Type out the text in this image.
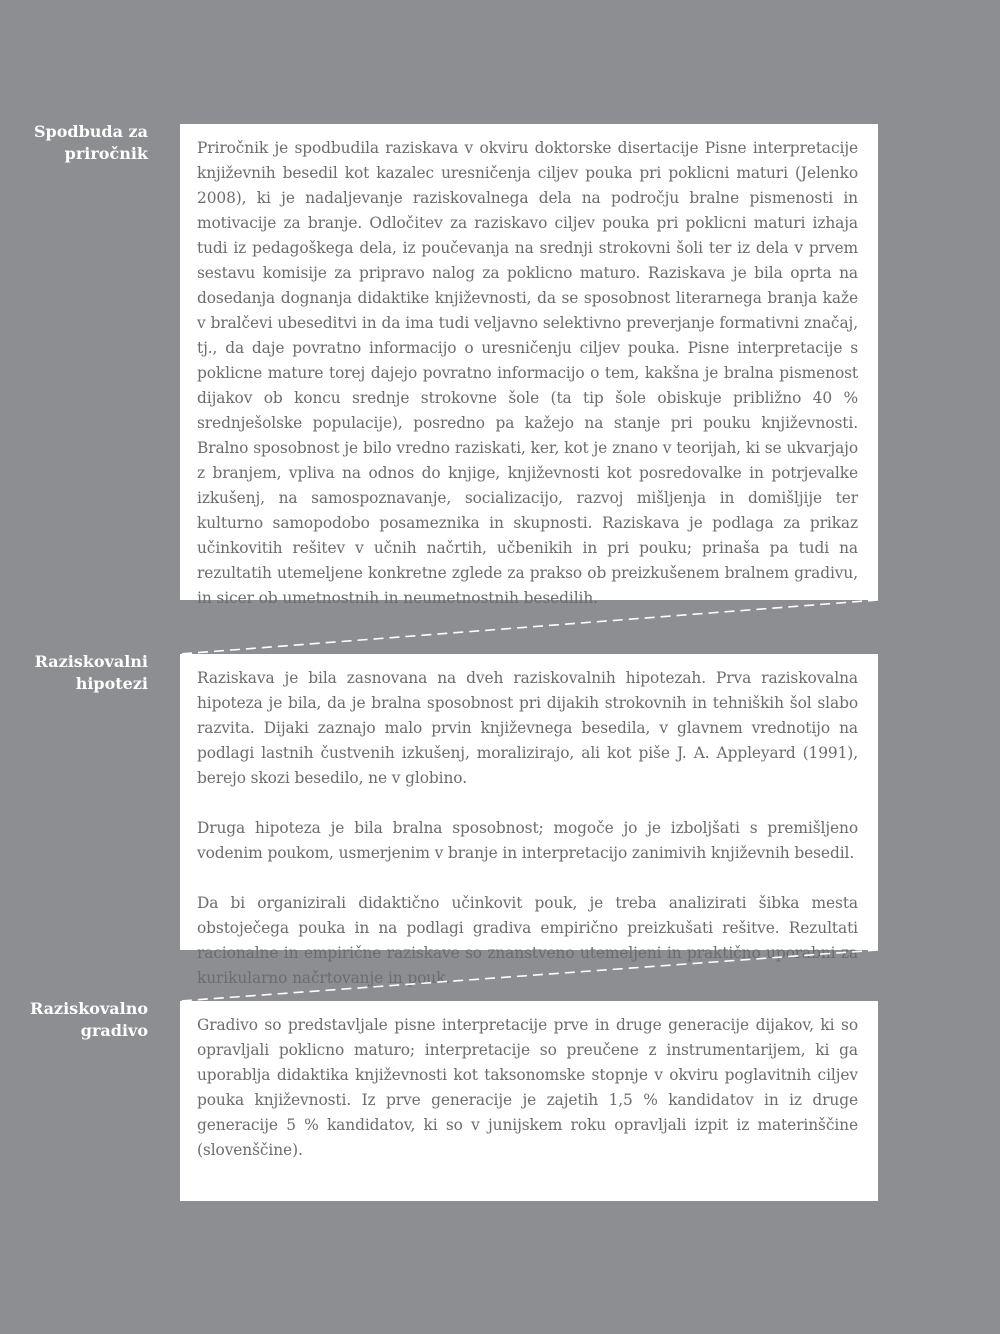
Spodbuda za
priročnik	Priročnik je spodbudila raziskava v okviru doktorske disertacije Pisne interpretacije književnih besedil kot kazalec uresničenja ciljev pouka pri poklicni maturi (Jelenko 2008), ki je nadaljevanje raziskovalnega dela na področju bralne pismenosti in motivacije za branje. Odločitev za raziskavo ciljev pouka pri poklicni maturi izhaja tudi iz pedagoškega dela, iz poučevanja na srednji strokovni šoli ter iz dela v prvem sestavu komisije za pripravo nalog za poklicno maturo. Raziskava je bila oprta na dosedanja dognanja didaktike književnosti, da se sposobnost literarnega branja kaže v bralčevi ubeseditvi in da ima tudi veljavno selektivno preverjanje formativni značaj, tj., da daje povratno informacijo o uresničenju ciljev pouka. Pisne interpretacije s poklicne mature torej dajejo povratno informacijo o tem, kakšna je bralna pismenost dijakov ob koncu srednje strokovne šole (ta tip šole obiskuje približno 40 % srednješolske populacije), posredno pa kažejo na stanje pri pouku književnosti. Bralno sposobnost je bilo vredno raziskati, ker, kot je znano v teorijah, ki se ukvarjajo z branjem, vpliva na odnos do knjige, književnosti kot posredovalke in potrjevalke izkušenj, na samospoznavanje, socializacijo, razvoj mišljenja in domišljije ter kulturno samopodobo posameznika in skupnosti. Raziskava je podlaga za prikaz učinkovitih rešitev v učnih načrtih, učbenikih in pri pouku; prinaša pa tudi na rezultatih utemeljene konkretne zglede za prakso ob preizkušenem bralnem gradivu, in sicer ob umetnostnih in neumetnostnih besedilih.

Raziskovalni
hipotezi	Raziskava je bila zasnovana na dveh raziskovalnih hipotezah. Prva raziskovalna hipoteza je bila, da je bralna sposobnost pri dijakih strokovnih in tehniških šol slabo razvita. Dijaki zaznajo malo prvin književnega besedila, v glavnem vrednotijo na podlagi lastnih čustvenih izkušenj, moralizirajo, ali kot piše J. A. Appleyard (1991), berejo skozi besedilo, ne v globino.

Druga hipoteza je bila bralna sposobnost; mogoče jo je izboljšati s premišljeno vodenim poukom, usmerjenim v branje in interpretacijo zanimivih književnih besedil.

Da bi organizirali didaktično učinkovit pouk, je treba analizirati šibka mesta obstoječega pouka in na podlagi gradiva empirično preizkušati rešitve. Rezultati racionalne in empirične raziskave so znanstveno utemeljeni in praktično uporabni za kurikularno načrtovanje in pouk.

Raziskovalno
gradivo	Gradivo so predstavljale pisne interpretacije prve in druge generacije dijakov, ki so opravljali poklicno maturo; interpretacije so preučene z instrumentarijem, ki ga uporablja didaktika književnosti kot taksonomske stopnje v okviru poglavitnih ciljev pouka književnosti. Iz prve generacije je zajetih 1,5 % kandidatov in iz druge generacije 5 % kandidatov, ki so v junijskem roku opravljali izpit iz materinščine (slovenščine).
